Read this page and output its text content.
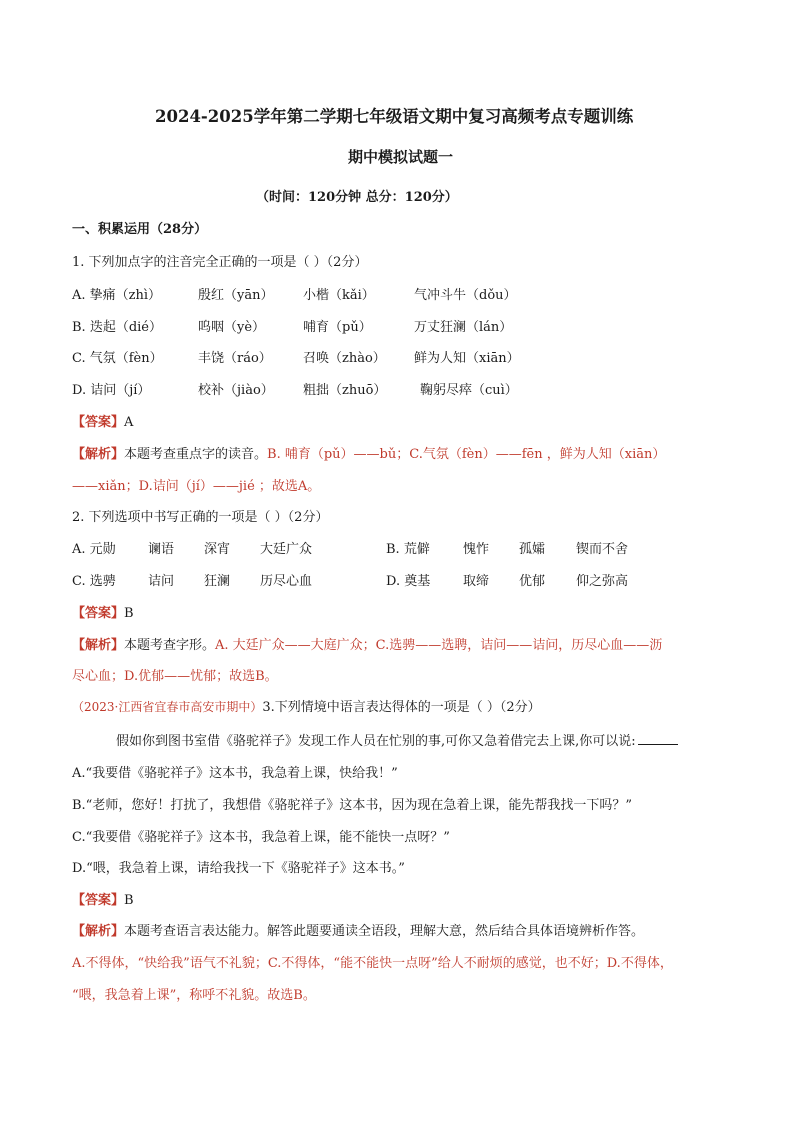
2024-2025学年第二学期七年级语文期中复习高频考点专题训练
期中模拟试题一
（时间：120分钟 总分：120分）
一、积累运用（28分）
1. 下列加点字的注音完全正确的一项是（ ）（2分）
A. 挚痛（zhì）	殷红（yān） 小楷（kǎi）	气冲斗牛（dǒu）
B. 迭起（dié）	呜咽（yè）	哺育（pǔ）	万丈狂澜（lán）
C. 气氛（fèn）	丰饶（ráo） 召唤（zhào） 鲜为人知（xiān）
D. 诘问（jí）	校补（jiào） 粗拙（zhuō）	鞠躬尽瘁（cuì）
【答案】A
【解析】本题考查重点字的读音。B. 哺育（pǔ）——bǔ；C.气氛（fèn）——fēn ，鲜为人知（xiān）
——xiǎn；D.诘问（jí）——jié ；故选A。
2. 下列选项中书写正确的一项是（ ）（2分）
A. 元勋 谰语 深宵 大廷广众	B. 荒僻	愧怍 孤孀 锲而不舍
C. 选骋 诘问 狂澜 历尽心血	D. 奠基	取缔 优郁 仰之弥高
【答案】B
【解析】本题考查字形。A. 大廷广众——大庭广众；C.选骋——选聘，诘问——诘问，历尽心血——沥
尽心血；D.优郁——忧郁；故选B。
（2023·江西省宜春市高安市期中）3.下列情境中语言表达得体的一项是（ ）（2分）
假如你到图书室借《骆驼祥子》发现工作人员在忙别的事,可你又急着借完去上课,你可以说:
A.“我要借《骆驼祥子》这本书，我急着上课，快给我！”
B.“老师，您好！打扰了，我想借《骆驼祥子》这本书，因为现在急着上课，能先帮我找一下吗？”
C.“我要借《骆驼祥子》这本书，我急着上课，能不能快一点呀？”
D.“喂，我急着上课，请给我找一下《骆驼祥子》这本书。”
【答案】B
【解析】本题考查语言表达能力。解答此题要通读全语段，理解大意，然后结合具体语境辨析作答。
A.不得体，“快给我”语气不礼貌；C.不得体，“能不能快一点呀”给人不耐烦的感觉，也不好；D.不得体，
“喂，我急着上课”，称呼不礼貌。故选B。
